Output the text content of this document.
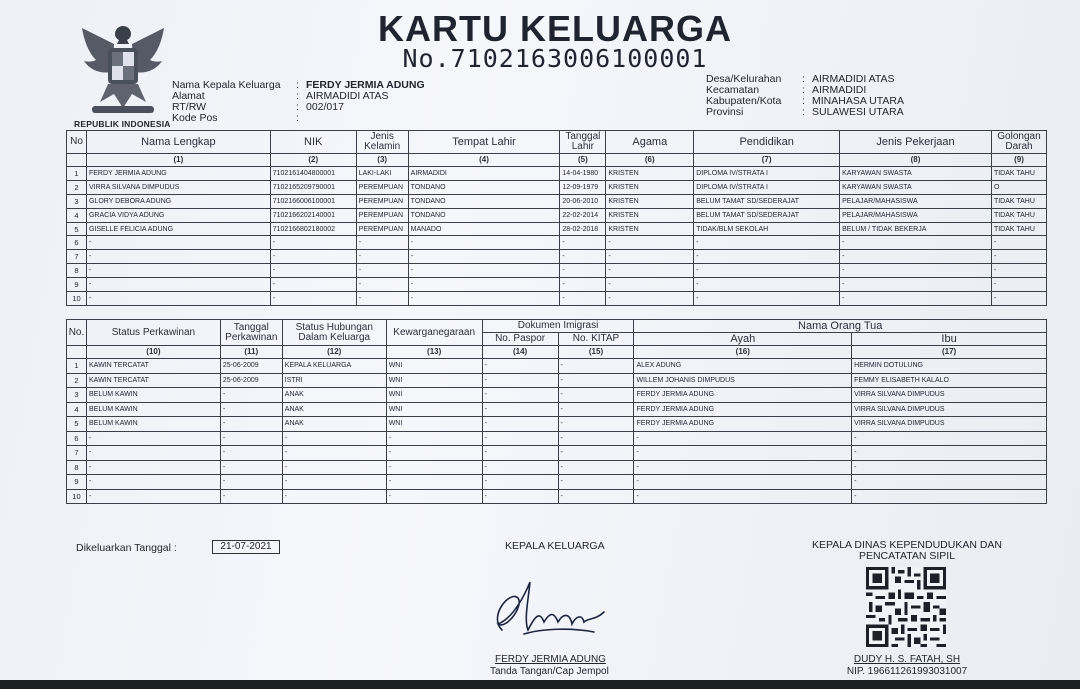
REPUBLIK INDONESIA
KARTU KELUARGA
No.7102163006100001
Nama Kepala Keluarga	: FERDY JERMIA ADUNG
Alamat	: AIRMADIDI ATAS
RT/RW	: 002/017
Kode Pos	:
Desa/Kelurahan	: AIRMADIDI ATAS
Kecamatan	: AIRMADIDI
Kabupaten/Kota	: MINAHASA UTARA
Provinsi	: SULAWESI UTARA
No	Nama Lengkap	NIK	Jenis Kelamin	Tempat Lahir	Tanggal Lahir	Agama	Pendidikan	Jenis Pekerjaan	Golongan Darah
	(1)	(2)	(3)	(4)	(5)	(6)	(7)	(8)	(9)
1	FERDY JERMIA ADUNG	7102161404800001	LAKI-LAKI	AIRMADIDI	14-04-1980	KRISTEN	DIPLOMA IV/STRATA I	KARYAWAN SWASTA	TIDAK TAHU
2	VIRRA SILVANA DIMPUDUS	7102165209790001	PEREMPUAN	TONDANO	12-09-1979	KRISTEN	DIPLOMA IV/STRATA I	KARYAWAN SWASTA	O
3	GLORY DEBORA ADUNG	7102166006100001	PEREMPUAN	TONDANO	20-06-2010	KRISTEN	BELUM TAMAT SD/SEDERAJAT	PELAJAR/MAHASISWA	TIDAK TAHU
4	GRACIA VIDYA ADUNG	7102166202140001	PEREMPUAN	TONDANO	22-02-2014	KRISTEN	BELUM TAMAT SD/SEDERAJAT	PELAJAR/MAHASISWA	TIDAK TAHU
5	GISELLE FELICIA ADUNG	7102166802180002	PEREMPUAN	MANADO	28-02-2018	KRISTEN	TIDAK/BLM SEKOLAH	BELUM / TIDAK BEKERJA	TIDAK TAHU
6	-	-	-	-	-	-	-	-	-
7	-	-	-	-	-	-	-	-	-
8	-	-	-	-	-	-	-	-	-
9	-	-	-	-	-	-	-	-	-
10	-	-	-	-	-	-	-	-	-
No.	Status Perkawinan	Tanggal Perkawinan	Status Hubungan Dalam Keluarga	Kewarganegaraan	Dokumen Imigrasi		Nama Orang Tua	
					No. Paspor	No. KITAP	Ayah	Ibu
	(10)	(11)	(12)	(13)	(14)	(15)	(16)	(17)
1	KAWIN TERCATAT	25-06-2009	KEPALA KELUARGA	WNI	-	-	ALEX ADUNG	HERMIN DOTULUNG
2	KAWIN TERCATAT	25-06-2009	ISTRI	WNI	-	-	WILLEM JOHANIS DIMPUDUS	FEMMY ELISABETH KALALO
3	BELUM KAWIN	-	ANAK	WNI	-	-	FERDY JERMIA ADUNG	VIRRA SILVANA DIMPUDUS
4	BELUM KAWIN	-	ANAK	WNI	-	-	FERDY JERMIA ADUNG	VIRRA SILVANA DIMPUDUS
5	BELUM KAWIN	-	ANAK	WNI	-	-	FERDY JERMIA ADUNG	VIRRA SILVANA DIMPUDUS
6	-	-	-	-	-	-	-	-
7	-	-	-	-	-	-	-	-
8	-	-	-	-	-	-	-	-
9	-	-	-	-	-	-	-	-
10	-	-	-	-	-	-	-	-
Dikeluarkan Tanggal :	21-07-2021	KEPALA KELUARGA
FERDY JERMIA ADUNG
Tanda Tangan/Cap Jempol
KEPALA DINAS KEPENDUDUKAN DAN
PENCATATAN SIPIL
DUDY H. S. FATAH, SH
NIP. 196611261993031007
